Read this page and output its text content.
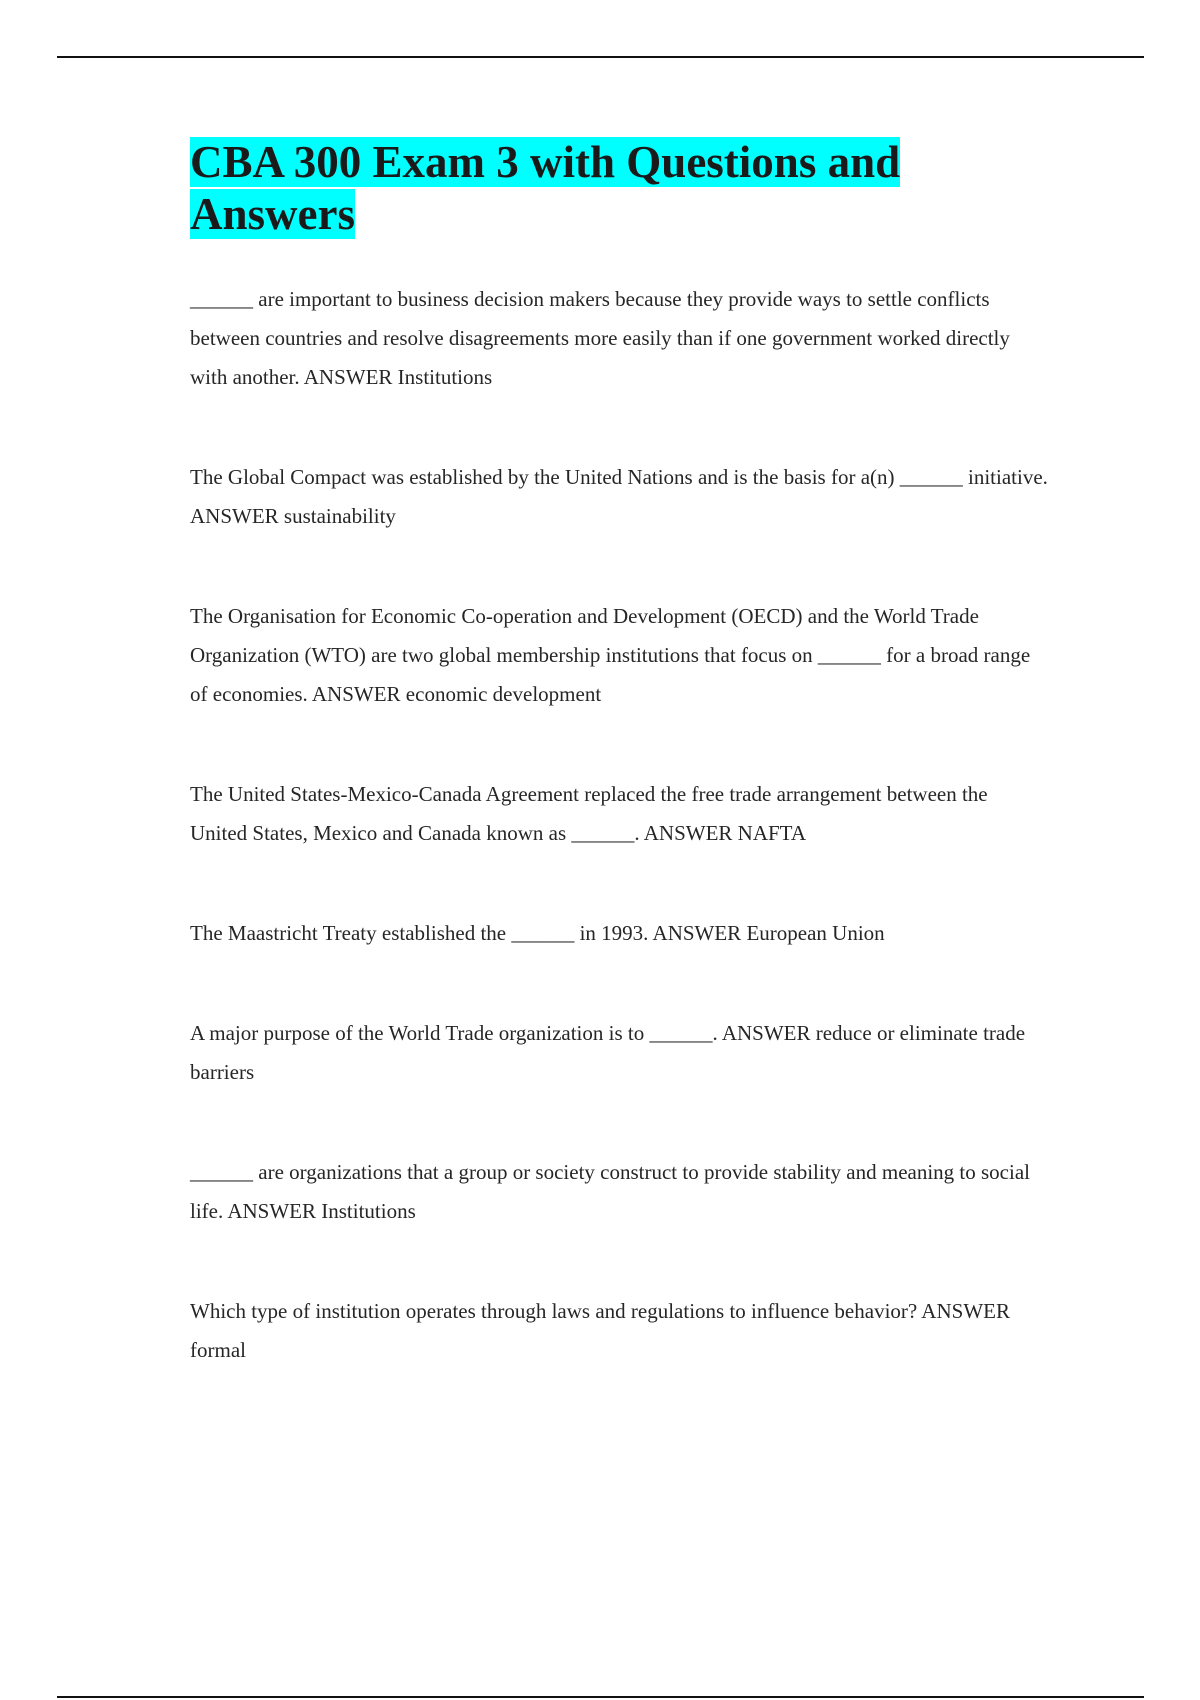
CBA 300 Exam 3 with Questions and Answers

______ are important to business decision makers because they provide ways to settle conflicts between countries and resolve disagreements more easily than if one government worked directly with another. ANSWER Institutions

The Global Compact was established by the United Nations and is the basis for a(n) ______ initiative. ANSWER sustainability

The Organisation for Economic Co-operation and Development (OECD) and the World Trade Organization (WTO) are two global membership institutions that focus on ______ for a broad range of economies. ANSWER economic development

The United States-Mexico-Canada Agreement replaced the free trade arrangement between the United States, Mexico and Canada known as ______. ANSWER NAFTA

The Maastricht Treaty established the ______ in 1993. ANSWER European Union

A major purpose of the World Trade organization is to ______. ANSWER reduce or eliminate trade barriers

______ are organizations that a group or society construct to provide stability and meaning to social life. ANSWER Institutions

Which type of institution operates through laws and regulations to influence behavior? ANSWER formal
